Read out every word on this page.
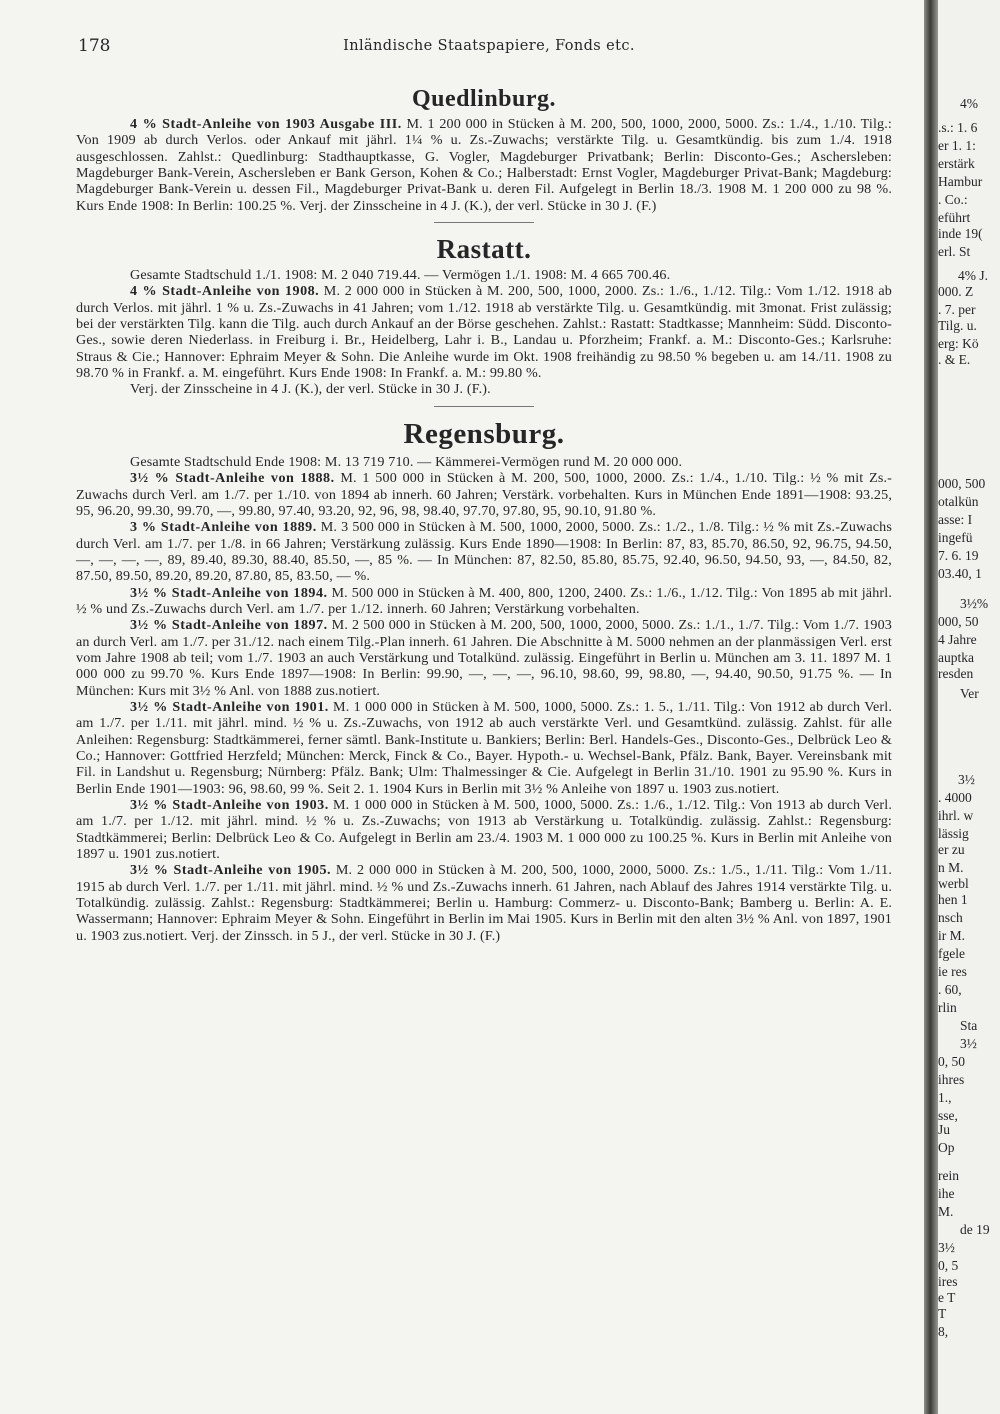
178	Inländische Staatspapiere, Fonds etc.
Quedlinburg.

4 % Stadt-Anleihe von 1903 Ausgabe III. M. 1 200 000 in Stücken à M. 200, 500, 1000, 2000, 5000. Zs.: 1./4., 1./10. Tilg.: Von 1909 ab durch Verlos. oder Ankauf mit jährl. 1¼ % u. Zs.-Zuwachs; verstärkte Tilg. u. Gesamtkündig. bis zum 1./4. 1918 ausgeschlossen. Zahlst.: Quedlinburg: Stadthauptkasse, G. Vogler, Magdeburger Privatbank; Berlin: Disconto-Ges.; Aschersleben: Magdeburger Bank-Verein, Aschersleben er Bank Gerson, Kohen & Co.; Halberstadt: Ernst Vogler, Magdeburger Privat-Bank; Magdeburg: Magdeburger Bank-Verein u. dessen Fil., Magdeburger Privat-Bank u. deren Fil. Aufgelegt in Berlin 18./3. 1908 M. 1 200 000 zu 98 %. Kurs Ende 1908: In Berlin: 100.25 %. Verj. der Zinsscheine in 4 J. (K.), der verl. Stücke in 30 J. (F.)

Rastatt.

Gesamte Stadtschuld 1./1. 1908: M. 2 040 719.44. — Vermögen 1./1. 1908: M. 4 665 700.46.

4 % Stadt-Anleihe von 1908. M. 2 000 000 in Stücken à M. 200, 500, 1000, 2000. Zs.: 1./6., 1./12. Tilg.: Vom 1./12. 1918 ab durch Verlos. mit jährl. 1 % u. Zs.-Zuwachs in 41 Jahren; vom 1./12. 1918 ab verstärkte Tilg. u. Gesamtkündig. mit 3monat. Frist zulässig; bei der verstärkten Tilg. kann die Tilg. auch durch Ankauf an der Börse geschehen. Zahlst.: Rastatt: Stadtkasse; Mannheim: Südd. Disconto-Ges., sowie deren Niederlass. in Freiburg i. Br., Heidelberg, Lahr i. B., Landau u. Pforzheim; Frankf. a. M.: Disconto-Ges.; Karlsruhe: Straus & Cie.; Hannover: Ephraim Meyer & Sohn. Die Anleihe wurde im Okt. 1908 freihändig zu 98.50 % begeben u. am 14./11. 1908 zu 98.70 % in Frankf. a. M. eingeführt. Kurs Ende 1908: In Frankf. a. M.: 99.80 %.

Verj. der Zinsscheine in 4 J. (K.), der verl. Stücke in 30 J. (F.).

Regensburg.

Gesamte Stadtschuld Ende 1908: M. 13 719 710. — Kämmerei-Vermögen rund M. 20 000 000.

3½ % Stadt-Anleihe von 1888. M. 1 500 000 in Stücken à M. 200, 500, 1000, 2000. Zs.: 1./4., 1./10. Tilg.: ½ % mit Zs.-Zuwachs durch Verl. am 1./7. per 1./10. von 1894 ab innerh. 60 Jahren; Verstärk. vorbehalten. Kurs in München Ende 1891—1908: 93.25, 95, 96.20, 99.30, 99.70, —, 99.80, 97.40, 93.20, 92, 96, 98, 98.40, 97.70, 97.80, 95, 90.10, 91.80 %.

3 % Stadt-Anleihe von 1889. M. 3 500 000 in Stücken à M. 500, 1000, 2000, 5000. Zs.: 1./2., 1./8. Tilg.: ½ % mit Zs.-Zuwachs durch Verl. am 1./7. per 1./8. in 66 Jahren; Verstärkung zulässig. Kurs Ende 1890—1908: In Berlin: 87, 83, 85.70, 86.50, 92, 96.75, 94.50, —, —, —, —, 89, 89.40, 89.30, 88.40, 85.50, —, 85 %. — In München: 87, 82.50, 85.80, 85.75, 92.40, 96.50, 94.50, 93, —, 84.50, 82, 87.50, 89.50, 89.20, 89.20, 87.80, 85, 83.50, — %.

3½ % Stadt-Anleihe von 1894. M. 500 000 in Stücken à M. 400, 800, 1200, 2400. Zs.: 1./6., 1./12. Tilg.: Von 1895 ab mit jährl. ½ % und Zs.-Zuwachs durch Verl. am 1./7. per 1./12. innerh. 60 Jahren; Verstärkung vorbehalten.

3½ % Stadt-Anleihe von 1897. M. 2 500 000 in Stücken à M. 200, 500, 1000, 2000, 5000. Zs.: 1./1., 1./7. Tilg.: Vom 1./7. 1903 an durch Verl. am 1./7. per 31./12. nach einem Tilg.-Plan innerh. 61 Jahren. Die Abschnitte à M. 5000 nehmen an der planmässigen Verl. erst vom Jahre 1908 ab teil; vom 1./7. 1903 an auch Verstärkung und Totalkünd. zulässig. Eingeführt in Berlin u. München am 3. 11. 1897 M. 1 000 000 zu 99.70 %. Kurs Ende 1897—1908: In Berlin: 99.90, —, —, —, 96.10, 98.60, 99, 98.80, —, 94.40, 90.50, 91.75 %. — In München: Kurs mit 3½ % Anl. von 1888 zus.notiert.

3½ % Stadt-Anleihe von 1901. M. 1 000 000 in Stücken à M. 500, 1000, 5000. Zs.: 1. 5., 1./11. Tilg.: Von 1912 ab durch Verl. am 1./7. per 1./11. mit jährl. mind. ½ % u. Zs.-Zuwachs, von 1912 ab auch verstärkte Verl. und Gesamtkünd. zulässig. Zahlst. für alle Anleihen: Regensburg: Stadtkämmerei, ferner sämtl. Bank-Institute u. Bankiers; Berlin: Berl. Handels-Ges., Disconto-Ges., Delbrück Leo & Co.; Hannover: Gottfried Herzfeld; München: Merck, Finck & Co., Bayer. Hypoth.- u. Wechsel-Bank, Pfälz. Bank, Bayer. Vereinsbank mit Fil. in Landshut u. Regensburg; Nürnberg: Pfälz. Bank; Ulm: Thalmessinger & Cie. Aufgelegt in Berlin 31./10. 1901 zu 95.90 %. Kurs in Berlin Ende 1901—1903: 96, 98.60, 99 %. Seit 2. 1. 1904 Kurs in Berlin mit 3½ % Anleihe von 1897 u. 1903 zus.notiert.

3½ % Stadt-Anleihe von 1903. M. 1 000 000 in Stücken à M. 500, 1000, 5000. Zs.: 1./6., 1./12. Tilg.: Von 1913 ab durch Verl. am 1./7. per 1./12. mit jährl. mind. ½ % u. Zs.-Zuwachs; von 1913 ab Verstärkung u. Totalkündig. zulässig. Zahlst.: Regensburg: Stadtkämmerei; Berlin: Delbrück Leo & Co. Aufgelegt in Berlin am 23./4. 1903 M. 1 000 000 zu 100.25 %. Kurs in Berlin mit Anleihe von 1897 u. 1901 zus.notiert.

3½ % Stadt-Anleihe von 1905. M. 2 000 000 in Stücken à M. 200, 500, 1000, 2000, 5000. Zs.: 1./5., 1./11. Tilg.: Vom 1./11. 1915 ab durch Verl. 1./7. per 1./11. mit jährl. mind. ½ % und Zs.-Zuwachs innerh. 61 Jahren, nach Ablauf des Jahres 1914 verstärkte Tilg. u. Totalkündig. zulässig. Zahlst.: Regensburg: Stadtkämmerei; Berlin u. Hamburg: Commerz- u. Disconto-Bank; Bamberg u. Berlin: A. E. Wassermann; Hannover: Ephraim Meyer & Sohn. Eingeführt in Berlin im Mai 1905. Kurs in Berlin mit den alten 3½ % Anl. von 1897, 1901 u. 1903 zus.notiert. Verj. der Zinssch. in 5 J., der verl. Stücke in 30 J. (F.)

4%
.s.: 1. 6
er 1. 1:
erstärk
Hambur
. Co.:
eführt
inde 19(
erl. St
4% J.
000. Z
. 7. per
Tilg. u.
erg: Kö
. & E.
000, 500
otalkün
asse: I
ingefü
7. 6. 19
03.40, 1
3½%
000, 50
4 Jahre
auptka
resden
Ver
3½
. 4000
ihrl. w
lässig
er zu
n M.
werbl
hen 1
nsch
ir M.
fgele
ie res
. 60,
rlin
Sta
3½
0, 50
ihres
1.,
sse,
rein
ihe
M.
de 19
3½
0, 5
ires
e T
T
8,
Ju
Op
